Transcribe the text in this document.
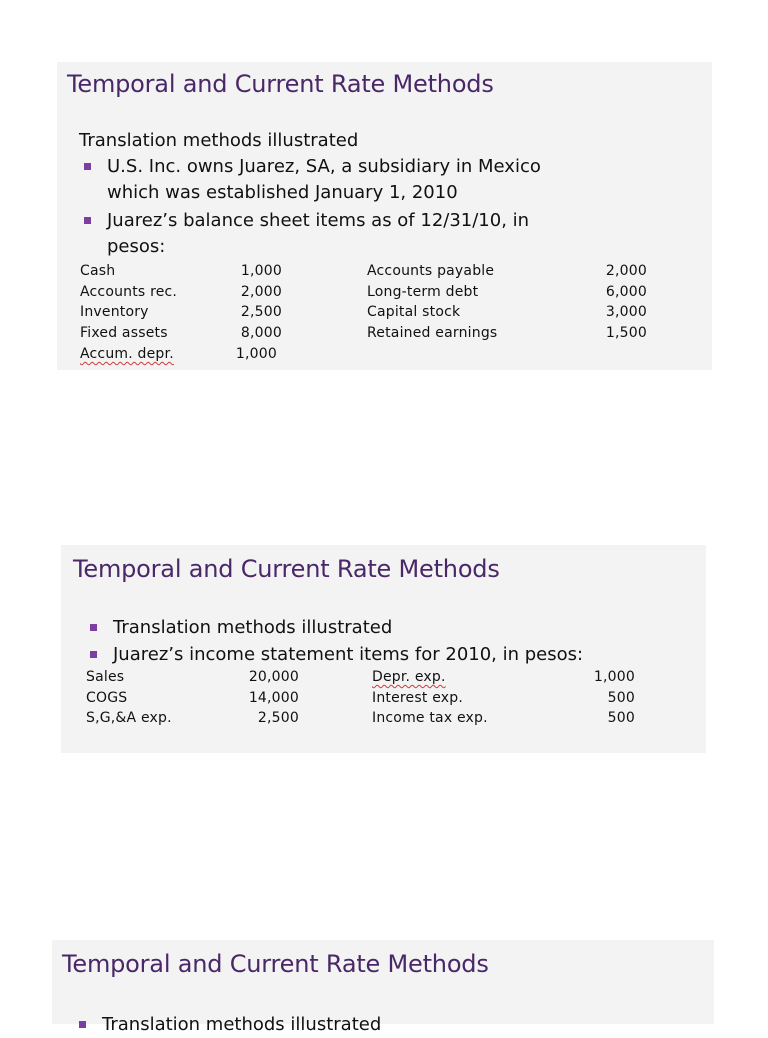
Temporal and Current Rate Methods
Translation methods illustrated
U.S. Inc. owns Juarez, SA, a subsidiary in Mexico
which was established January 1, 2010
Juarez’s balance sheet items as of 12/31/10, in
pesos:
Cash	1,000
Accounts rec.	2,000
Inventory	2,500
Fixed assets	8,000
Accum. depr.	1,000
Accounts payable	2,000
Long-term debt	6,000
Capital stock	3,000
Retained earnings	1,500
Temporal and Current Rate Methods
Translation methods illustrated
Juarez’s income statement items for 2010, in pesos:
Sales	20,000
COGS	14,000
S,G,&A exp.	2,500
Depr. exp.	1,000
Interest exp.	500
Income tax exp.	500
Temporal and Current Rate Methods
Translation methods illustrated
